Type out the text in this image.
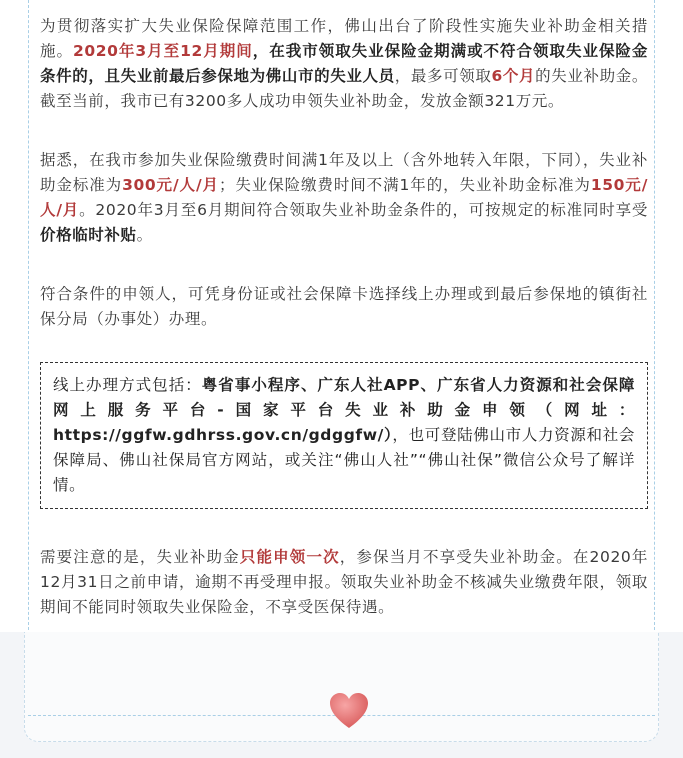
为贯彻落实扩大失业保险保障范围工作，佛山出台了阶段性实施失业补助金相关措施。2020年3月至12月期间，在我市领取失业保险金期满或不符合领取失业保险金条件的，且失业前最后参保地为佛山市的失业人员，最多可领取6个月的失业补助金。截至当前，我市已有3200多人成功申领失业补助金，发放金额321万元。

据悉，在我市参加失业保险缴费时间满1年及以上（含外地转入年限，下同），失业补助金标准为300元/人/月；失业保险缴费时间不满1年的，失业补助金标准为150元/人/月。2020年3月至6月期间符合领取失业补助金条件的，可按规定的标准同时享受价格临时补贴。

符合条件的申领人，可凭身份证或社会保障卡选择线上办理或到最后参保地的镇街社保分局（办事处）办理。

线上办理方式包括：粤省事小程序、广东人社APP、广东省人力资源和社会保障网上服务平台-国家平台失业补助金申领（网址：https://ggfw.gdhrss.gov.cn/gdggfw/），也可登陆佛山市人力资源和社会保障局、佛山社保局官方网站，或关注“佛山人社”“佛山社保”微信公众号了解详情。

需要注意的是，失业补助金只能申领一次，参保当月不享受失业补助金。在2020年12月31日之前申请，逾期不再受理申报。领取失业补助金不核减失业缴费年限，领取期间不能同时领取失业保险金，不享受医保待遇。
